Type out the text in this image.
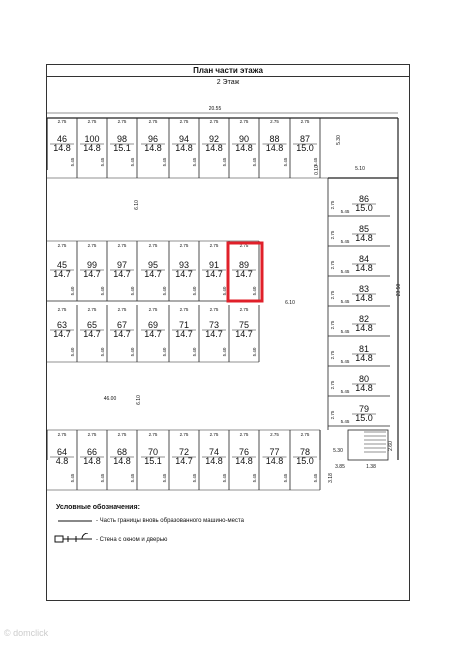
План части этажа
2 Этаж
46
14.8
2.75
5.45
100
14.8
2.75
5.45
98
15.1
2.75
5.45
96
14.8
2.75
5.45
94
14.8
2.75
5.45
92
14.8
2.75
5.45
90
14.8
2.75
5.45
88
14.8
2.75
5.45
87
15.0
2.75
5.45
45
14.7
2.75
5.40
99
14.7
2.75
5.40
97
14.7
2.75
5.40
95
14.7
2.75
5.40
93
14.7
2.75
5.40
91
14.7
2.75
5.40
89
14.7
2.75
5.40
63
14.7
2.75
5.40
65
14.7
2.75
5.40
67
14.7
2.75
5.40
69
14.7
2.75
5.40
71
14.7
2.75
5.40
73
14.7
2.75
5.40
75
14.7
2.75
5.40
64
4.8
2.75
5.45
66
14.8
2.75
5.45
68
14.8
2.75
5.45
70
15.1
2.75
5.45
72
14.7
2.75
5.45
74
14.8
2.75
5.45
76
14.8
2.75
5.45
77
14.8
2.75
5.45
78
15.0
2.75
5.45
86
15.0
2.75
5.45
85
14.8
2.75
5.45
84
14.8
2.75
5.45
83
14.8
2.75
5.45
82
14.8
2.75
5.45
81
14.8
2.75
5.45
80
14.8
2.75
5.45
79
15.0
2.75
5.45
20.55
6.10
6.10
6.10
46.00
23.50
5.30
5.10
2.60
1.38
3.85
5.30
3.18
0.10
Условные обозначения:
- Часть границы вновь образованного машино-места
- Стена с окном и дверью
© domclick
